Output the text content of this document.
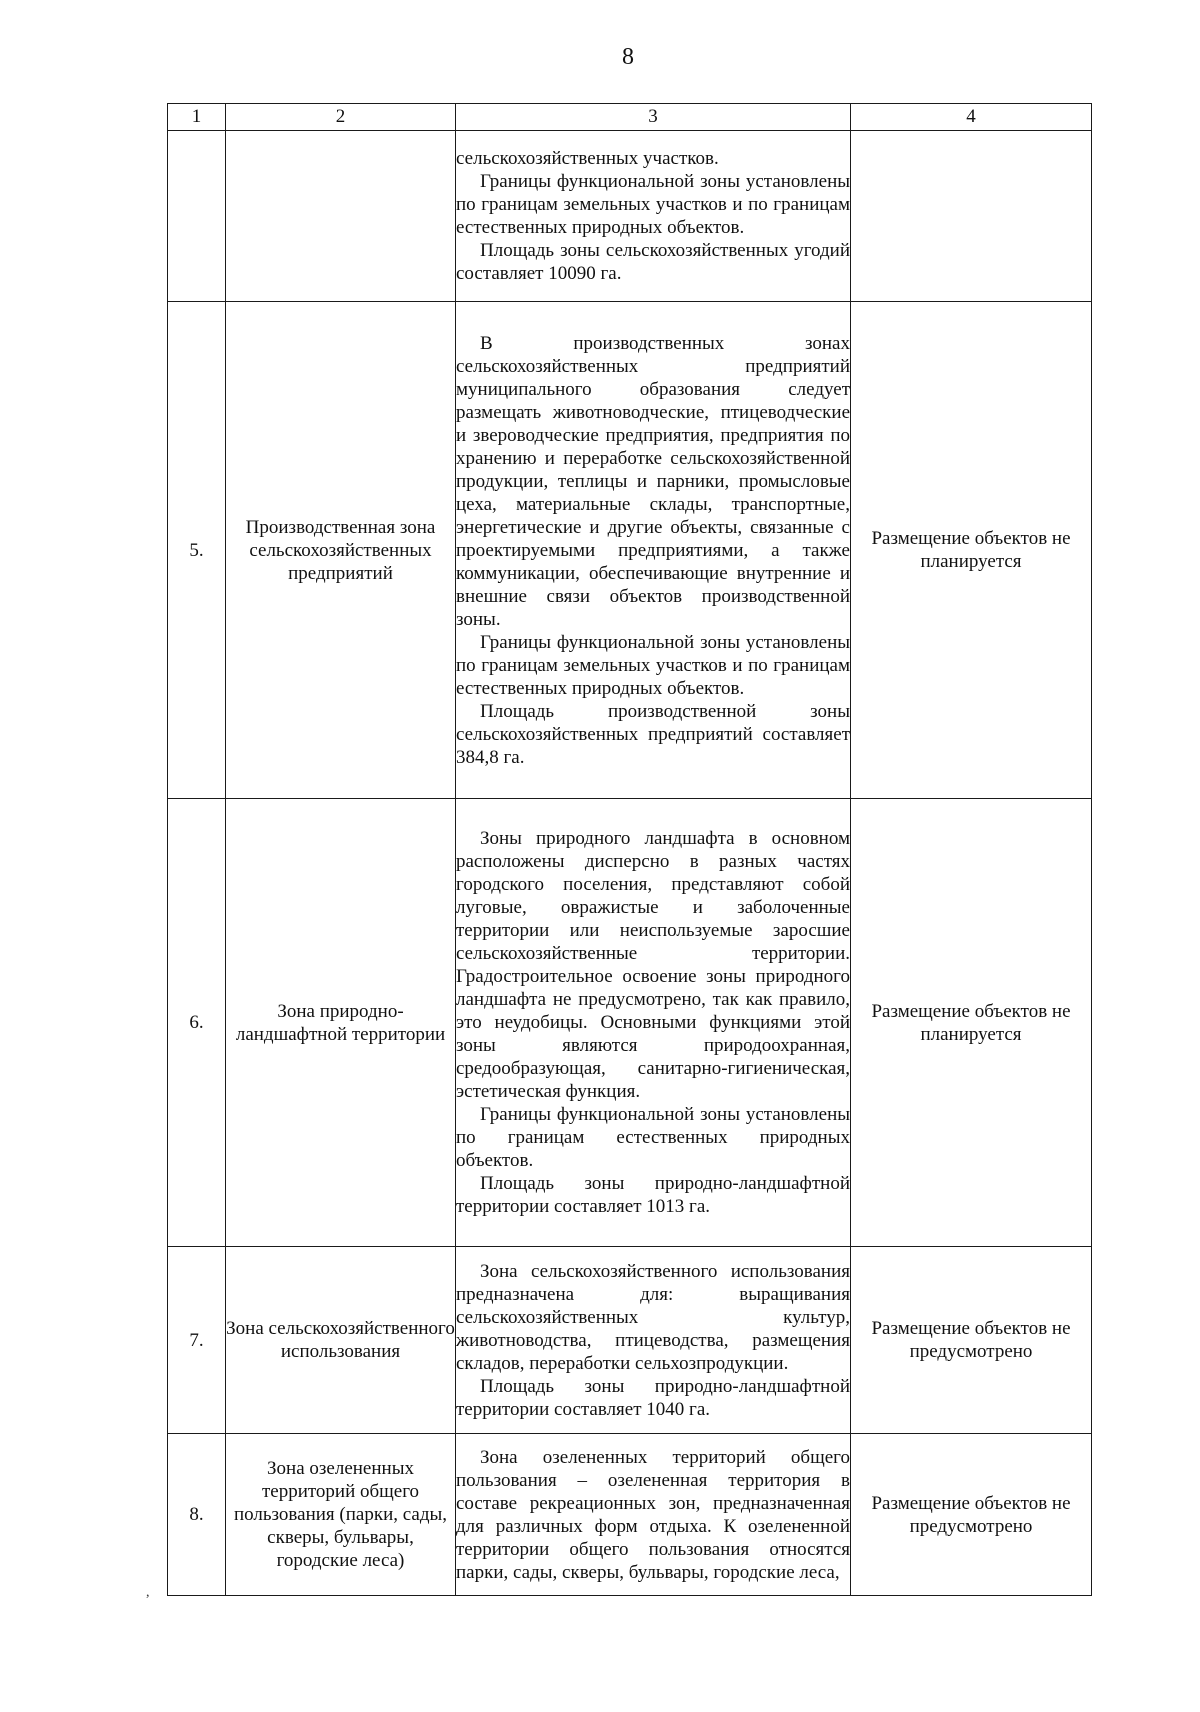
8
1	2	3	4

		сельскохозяйственных участков.

Границы функциональной зоны установлены по границам земельных участков и по границам естественных природных объектов.

Площадь зоны сельскохозяйственных угодий составляет 10090 га.	

5.	Производственная зона сельскохозяйственных предприятий	В производственных зонах сельскохозяйственных предприятий муниципального образования следует размещать животноводческие, птицеводческие и звероводческие предприятия, предприятия по хранению и переработке сельскохозяйственной продукции, теплицы и парники, промысловые цеха, материальные склады, транспортные, энергетические и другие объекты, связанные с проектируемыми предприятиями, а также коммуникации, обеспечивающие внутренние и внешние связи объектов производственной зоны.

Границы функциональной зоны установлены по границам земельных участков и по границам естественных природных объектов.

Площадь производственной зоны сельскохозяйственных предприятий составляет 384,8 га.	Размещение объектов не планируется
6.	Зона природно-ландшафтной территории	Зоны природного ландшафта в основном расположены дисперсно в разных частях городского поселения, представляют собой луговые, овражистые и заболоченные территории или неиспользуемые заросшие сельскохозяйственные территории. Градостроительное освоение зоны природного ландшафта не предусмотрено, так как правило, это неудобицы. Основными функциями этой зоны являются природоохранная, средообразующая, санитарно-гигиеническая, эстетическая функция.

Границы функциональной зоны установлены по границам естественных природных объектов.

Площадь зоны природно-ландшафтной территории составляет 1013 га.	Размещение объектов не планируется
7.	Зона сельскохозяйственного использования	Зона сельскохозяйственного использования предназначена для: выращивания сельскохозяйственных культур, животноводства, птицеводства, размещения складов, переработки сельхозпродукции.

Площадь зоны природно-ландшафтной территории составляет 1040 га.	Размещение объектов не предусмотрено
8.	Зона озелененных территорий общего пользования (парки, сады, скверы, бульвары, городские леса)	Зона озелененных территорий общего пользования – озелененная территория в составе рекреационных зон, предназначенная для различных форм отдыха. К озелененной территории общего пользования относятся парки, сады, скверы, бульвары, городские леса,	Размещение объектов не предусмотрено
,
